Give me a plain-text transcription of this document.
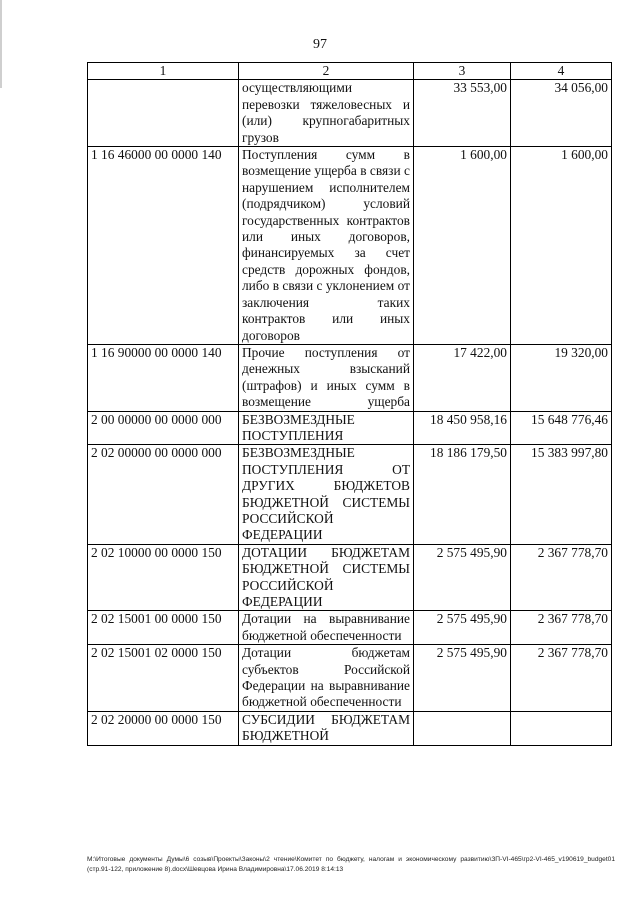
97
1	2	3	4
	осуществляющими перевозки тяжеловесных и (или) крупногабаритных грузов	33 553,00	34 056,00
1 16 46000 00 0000 140	Поступления сумм в возмещение ущерба в связи с нарушением исполнителем (подрядчиком) условий государственных контрактов или иных договоров, финансируемых за счет средств дорожных фондов, либо в связи с уклонением от заключения таких контрактов или иных договоров	1 600,00	1 600,00
1 16 90000 00 0000 140	Прочие поступления от денежных взысканий (штрафов) и иных сумм в возмещение ущерба	17 422,00	19 320,00
2 00 00000 00 0000 000	БЕЗВОЗМЕЗДНЫЕ ПОСТУПЛЕНИЯ	18 450 958,16	15 648 776,46
2 02 00000 00 0000 000	БЕЗВОЗМЕЗДНЫЕ ПОСТУПЛЕНИЯ ОТ ДРУГИХ БЮДЖЕТОВ БЮДЖЕТНОЙ СИСТЕМЫ РОССИЙСКОЙ ФЕДЕРАЦИИ	18 186 179,50	15 383 997,80
2 02 10000 00 0000 150	ДОТАЦИИ БЮДЖЕТАМ БЮДЖЕТНОЙ СИСТЕМЫ РОССИЙСКОЙ ФЕДЕРАЦИИ	2 575 495,90	2 367 778,70
2 02 15001 00 0000 150	Дотации на выравнивание бюджетной обеспеченности	2 575 495,90	2 367 778,70
2 02 15001 02 0000 150	Дотации бюджетам субъектов Российской Федерации на выравнивание бюджетной обеспеченности	2 575 495,90	2 367 778,70
2 02 20000 00 0000 150	СУБСИДИИ БЮДЖЕТАМ БЮДЖЕТНОЙ		
М:\Итоговые документы Думы\6 созыв\Проекты\Законы\2 чтение\Комитет по бюджету, налогам и экономическому развитию\ЗП-VI-465\гр2-VI-465_v190619_budget01 (стр.91-122, приложение 8).docx\Шевцова Ирина Владимировна\17.06.2019 8:14:13
